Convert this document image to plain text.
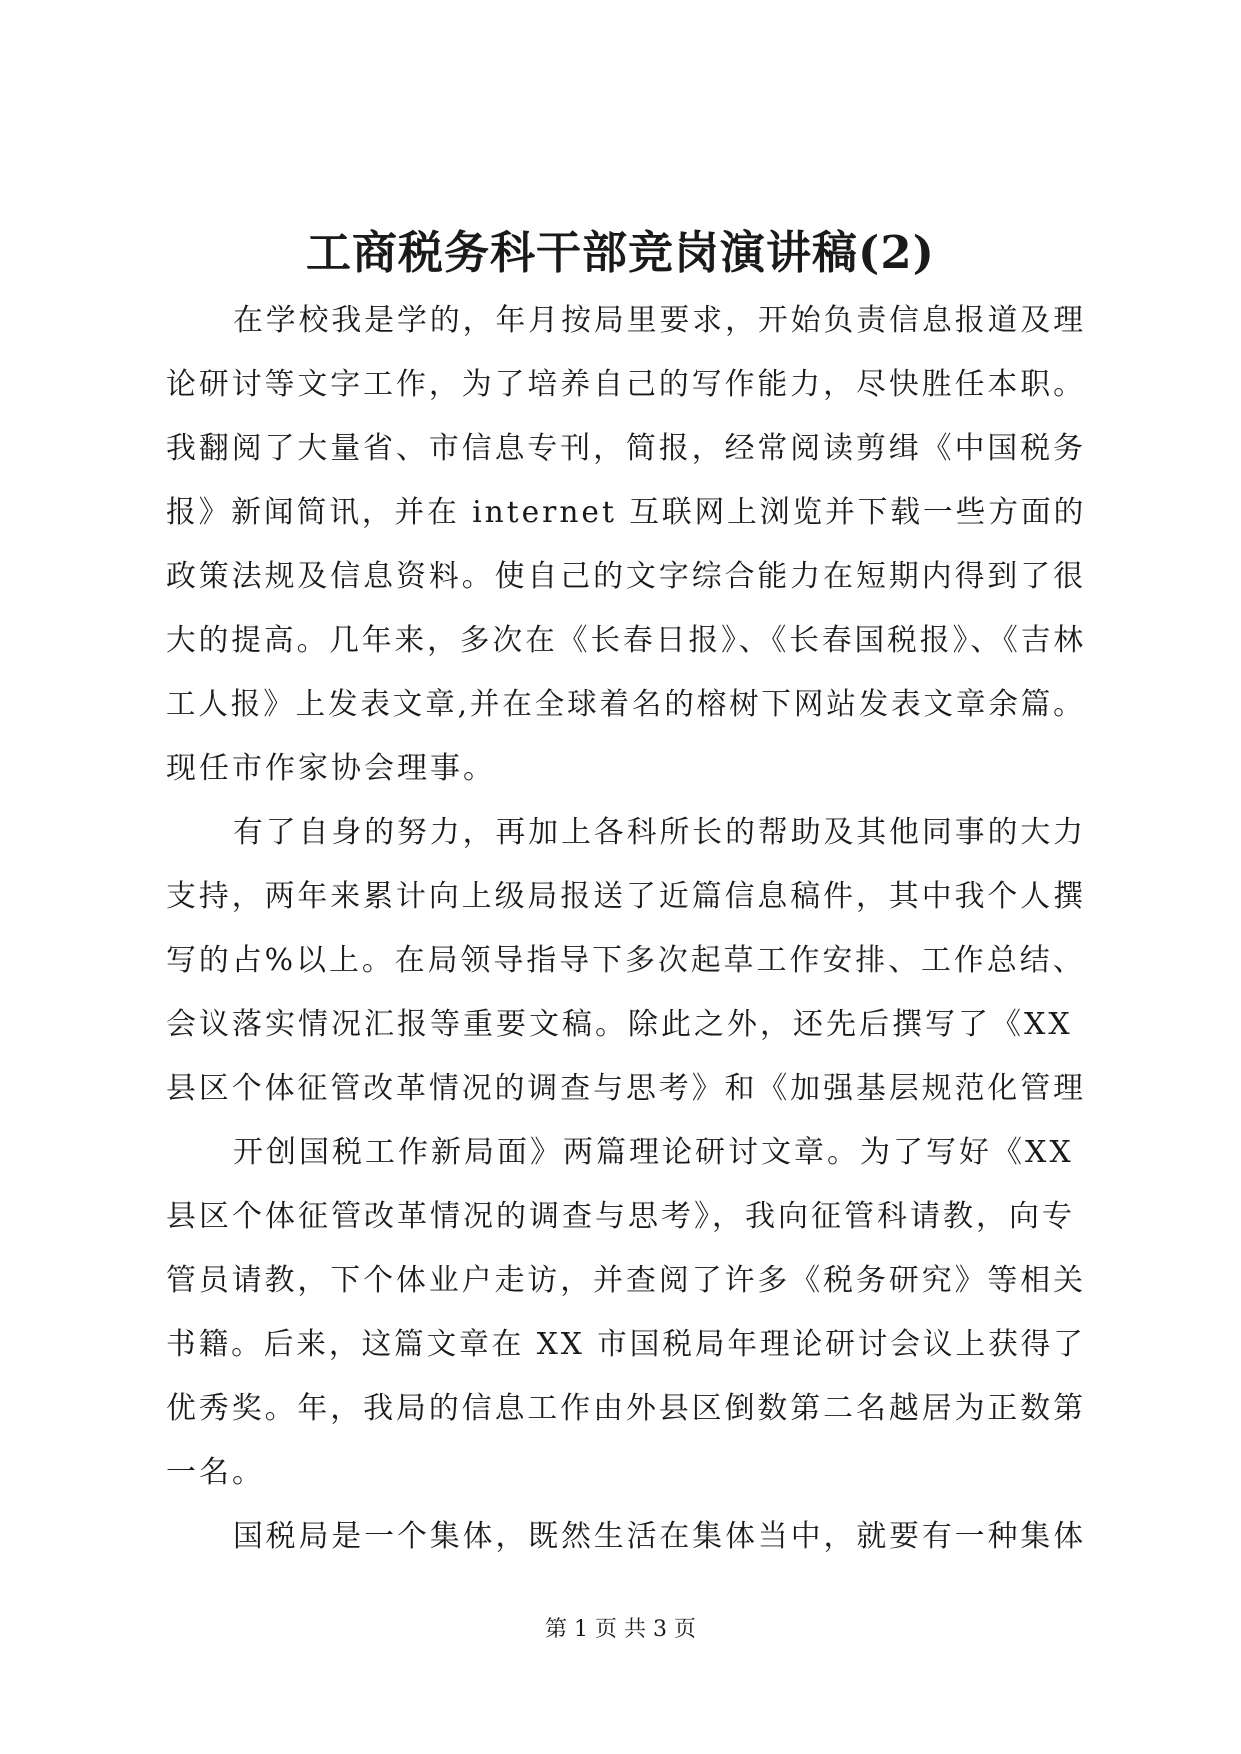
工商税务科干部竞岗演讲稿(2)
在学校我是学的，年月按局里要求，开始负责信息报道及理
论研讨等文字工作，为了培养自己的写作能力，尽快胜任本职。
我翻阅了大量省、市信息专刊，简报，经常阅读剪缉《中国税务
报》新闻简讯，并在 internet 互联网上浏览并下载一些方面的
政策法规及信息资料。使自己的文字综合能力在短期内得到了很
大的提高。几年来，多次在《长春日报》、《长春国税报》、《吉林
工人报》上发表文章,并在全球着名的榕树下网站发表文章余篇。
现任市作家协会理事。
有了自身的努力，再加上各科所长的帮助及其他同事的大力
支持，两年来累计向上级局报送了近篇信息稿件，其中我个人撰
写的占%以上。在局领导指导下多次起草工作安排、工作总结、
会议落实情况汇报等重要文稿。除此之外，还先后撰写了《XX
县区个体征管改革情况的调查与思考》和《加强基层规范化管理
开创国税工作新局面》两篇理论研讨文章。为了写好《XX
县区个体征管改革情况的调查与思考》，我向征管科请教，向专
管员请教，下个体业户走访，并查阅了许多《税务研究》等相关
书籍。后来，这篇文章在 XX 市国税局年理论研讨会议上获得了
优秀奖。年，我局的信息工作由外县区倒数第二名越居为正数第
一名。
国税局是一个集体，既然生活在集体当中，就要有一种集体
第 1 页 共 3 页
